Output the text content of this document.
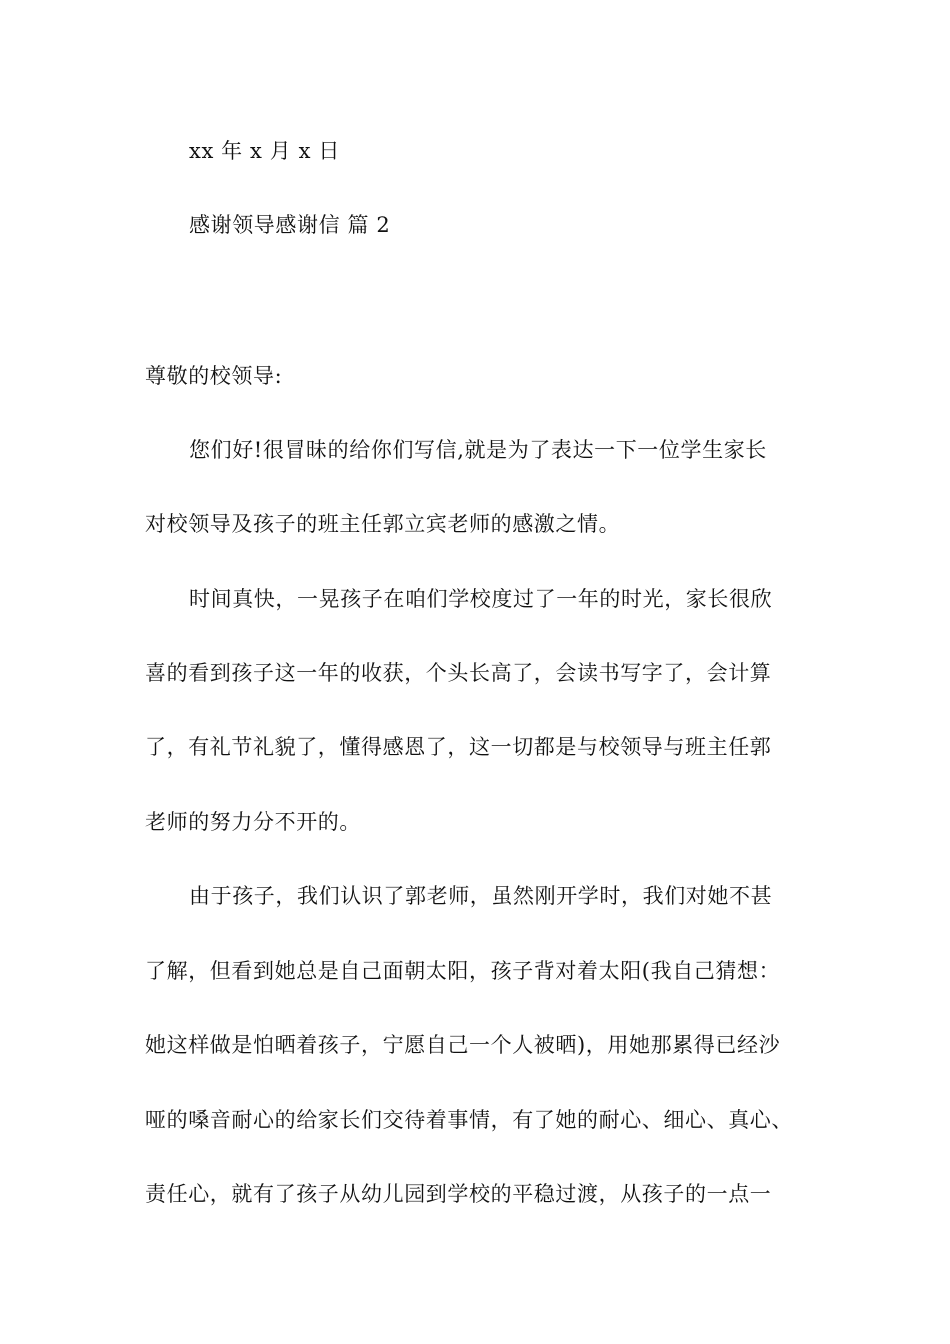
xx 年 x 月 x 日
感谢领导感谢信 篇 2
尊敬的校领导:
您们好!很冒昧的给你们写信,就是为了表达一下一位学生家长
对校领导及孩子的班主任郭立宾老师的感激之情。
时间真快，一晃孩子在咱们学校度过了一年的时光，家长很欣
喜的看到孩子这一年的收获，个头长高了，会读书写字了，会计算
了，有礼节礼貌了，懂得感恩了，这一切都是与校领导与班主任郭
老师的努力分不开的。
由于孩子，我们认识了郭老师，虽然刚开学时，我们对她不甚
了解，但看到她总是自己面朝太阳，孩子背对着太阳(我自己猜想：
她这样做是怕晒着孩子，宁愿自己一个人被晒)，用她那累得已经沙
哑的嗓音耐心的给家长们交待着事情，有了她的耐心、细心、真心、
责任心，就有了孩子从幼儿园到学校的平稳过渡，从孩子的一点一
